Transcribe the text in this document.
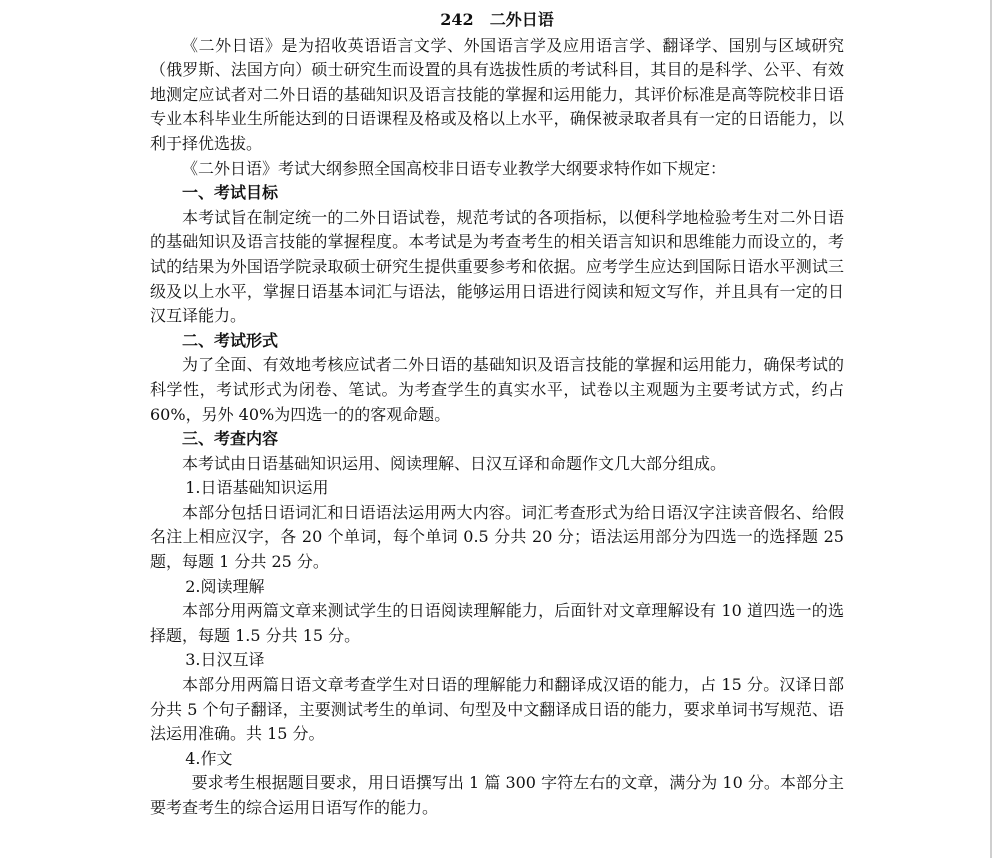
242 二外日语

《二外日语》是为招收英语语言文学、外国语言学及应用语言学、翻译学、国别与区域研究（俄罗斯、法国方向）硕士研究生而设置的具有选拔性质的考试科目，其目的是科学、公平、有效地测定应试者对二外日语的基础知识及语言技能的掌握和运用能力，其评价标准是高等院校非日语专业本科毕业生所能达到的日语课程及格或及格以上水平，确保被录取者具有一定的日语能力，以利于择优选拔。

《二外日语》考试大纲参照全国高校非日语专业教学大纲要求特作如下规定：

一、考试目标

本考试旨在制定统一的二外日语试卷，规范考试的各项指标，以便科学地检验考生对二外日语的基础知识及语言技能的掌握程度。本考试是为考查考生的相关语言知识和思维能力而设立的，考试的结果为外国语学院录取硕士研究生提供重要参考和依据。应考学生应达到国际日语水平测试三级及以上水平，掌握日语基本词汇与语法，能够运用日语进行阅读和短文写作，并且具有一定的日汉互译能力。

二、考试形式

为了全面、有效地考核应试者二外日语的基础知识及语言技能的掌握和运用能力，确保考试的科学性，考试形式为闭卷、笔试。为考查学生的真实水平，试卷以主观题为主要考试方式，约占 60%，另外 40%为四选一的的客观命题。

三、考查内容

本考试由日语基础知识运用、阅读理解、日汉互译和命题作文几大部分组成。

1.日语基础知识运用

本部分包括日语词汇和日语语法运用两大内容。词汇考查形式为给日语汉字注读音假名、给假名注上相应汉字，各 20 个单词，每个单词 0.5 分共 20 分；语法运用部分为四选一的选择题 25 题，每题 1 分共 25 分。

2.阅读理解

本部分用两篇文章来测试学生的日语阅读理解能力，后面针对文章理解设有 10 道四选一的选择题，每题 1.5 分共 15 分。

3.日汉互译

本部分用两篇日语文章考查学生对日语的理解能力和翻译成汉语的能力，占 15 分。汉译日部分共 5 个句子翻译，主要测试考生的单词、句型及中文翻译成日语的能力，要求单词书写规范、语法运用准确。共 15 分。

4.作文

要求考生根据题目要求，用日语撰写出 1 篇 300 字符左右的文章，满分为 10 分。本部分主要考查考生的综合运用日语写作的能力。
